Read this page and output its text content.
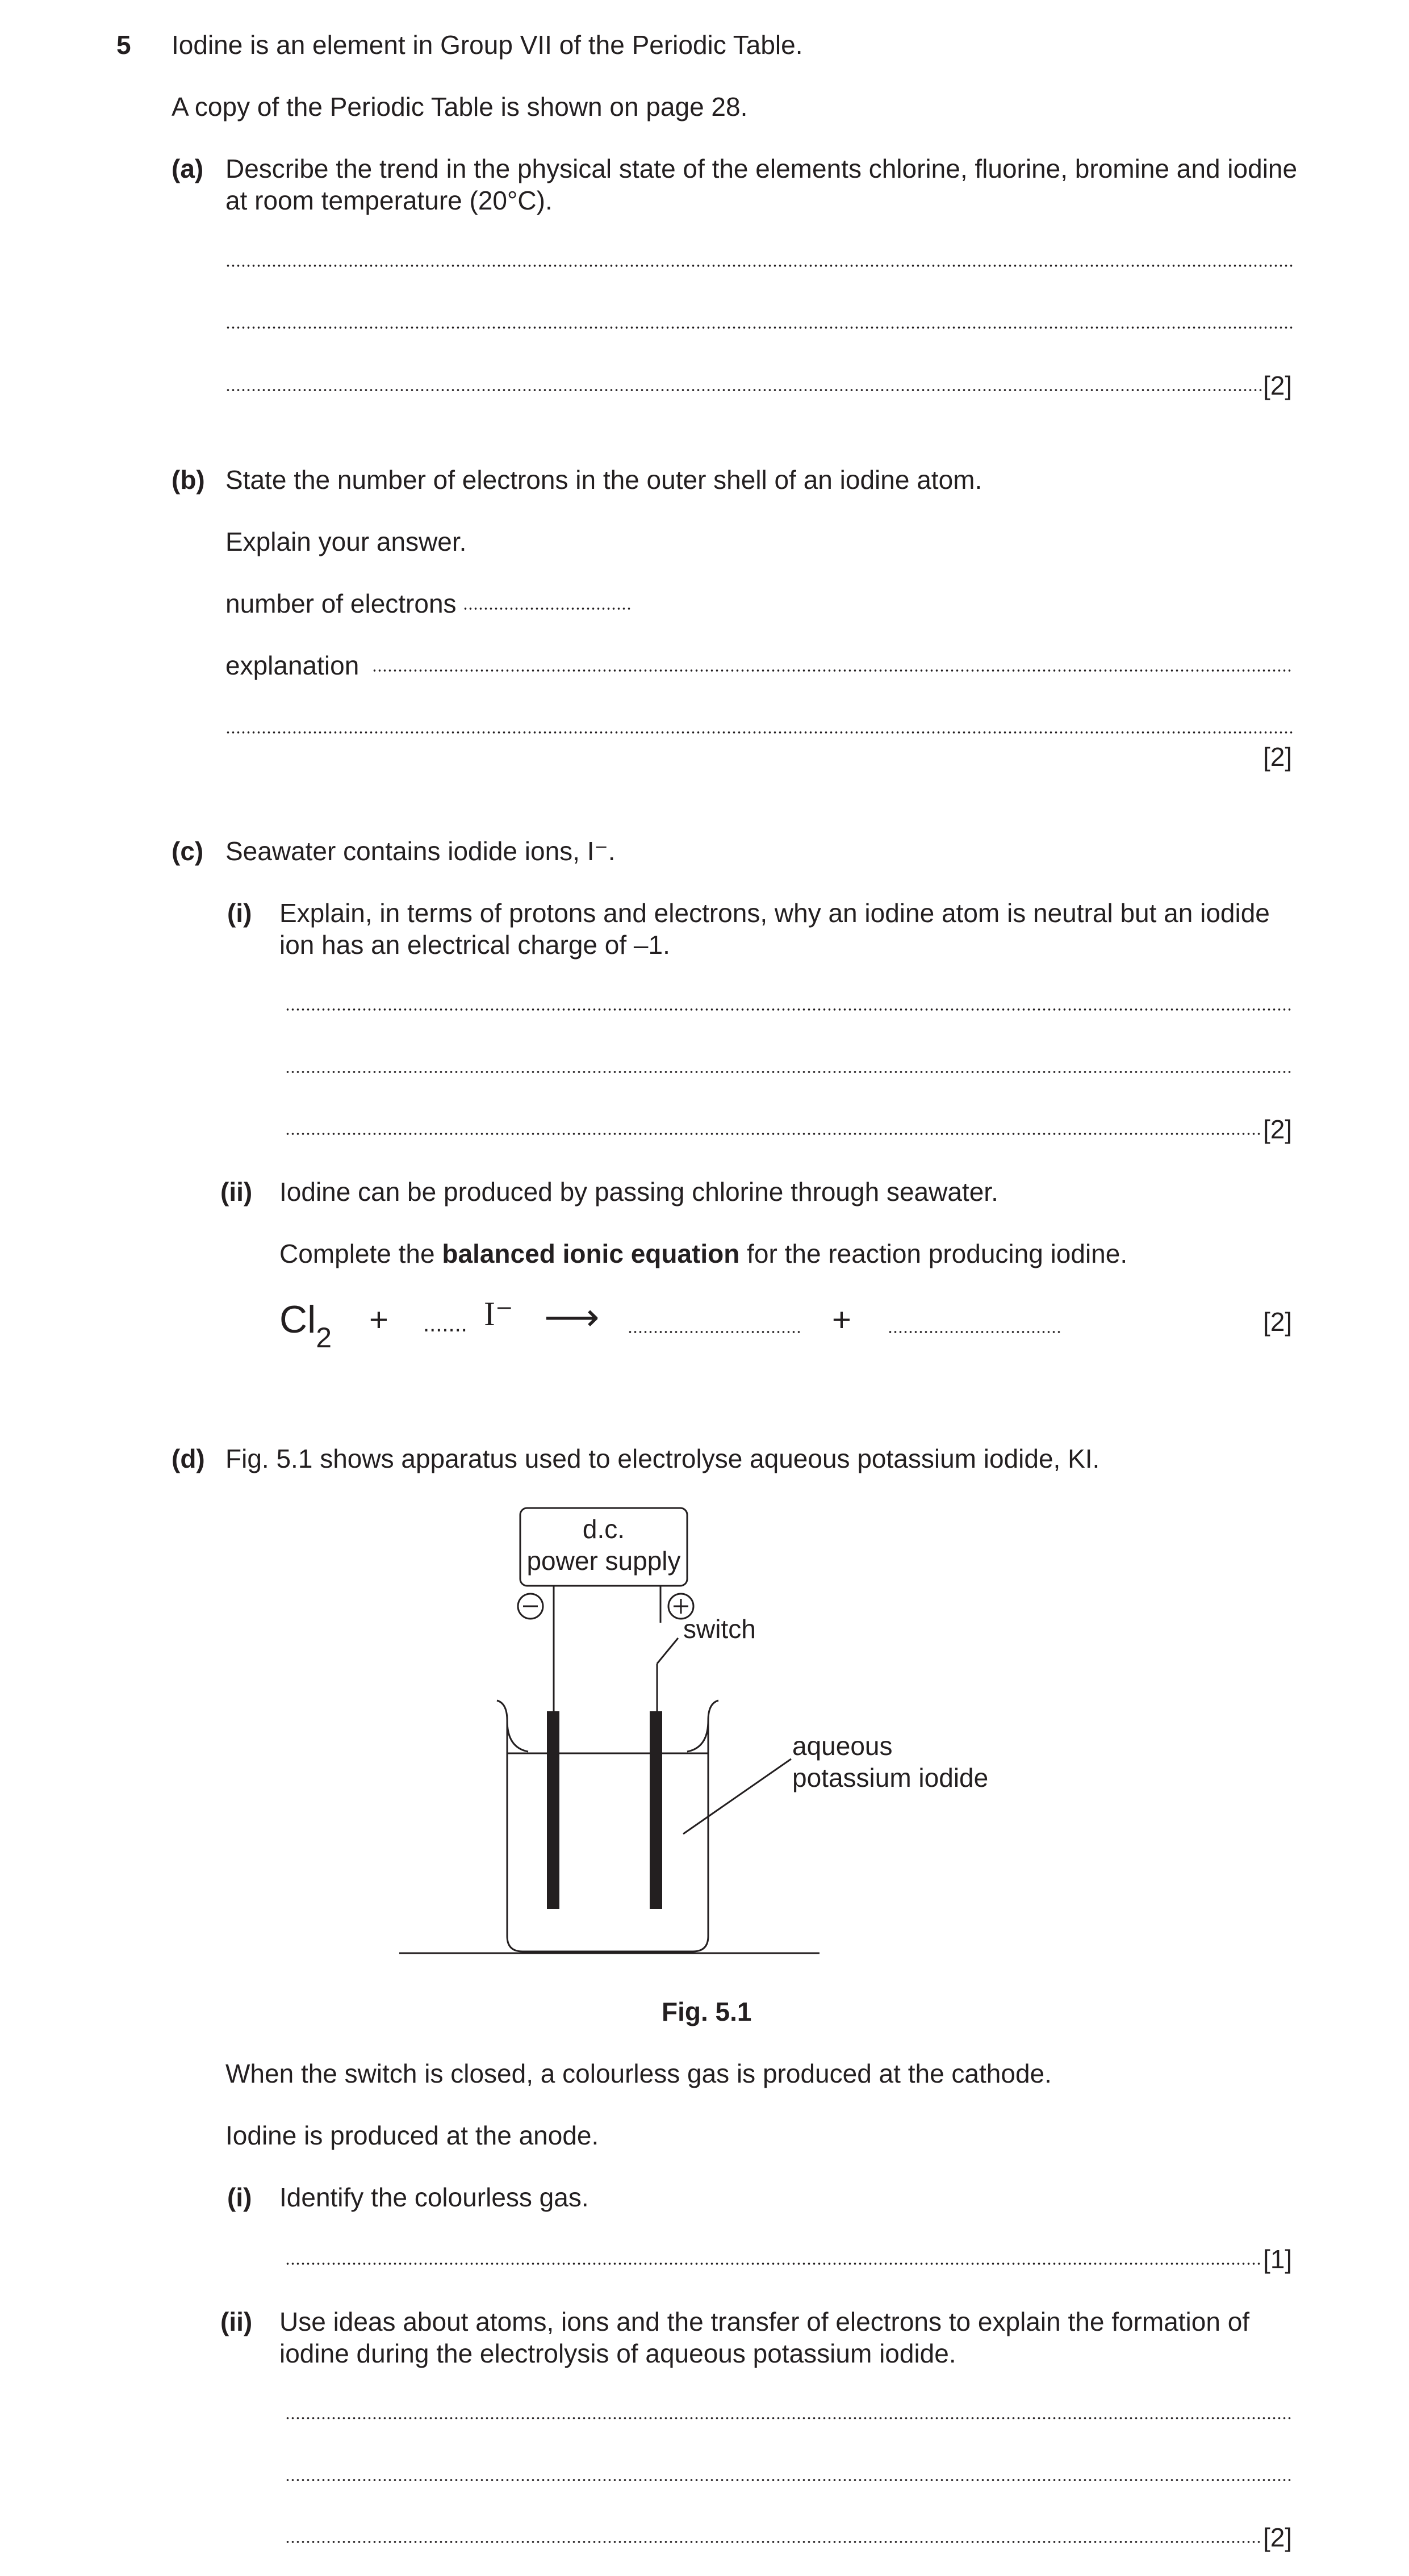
5 Iodine is an element in Group VII of the Periodic Table.
A copy of the Periodic Table is shown on page 28.
(a) Describe the trend in the physical state of the elements chlorine, fluorine, bromine and iodine
at room temperature (20°C).
[2]
(b) State the number of electrons in the outer shell of an iodine atom.
Explain your answer.
number of electrons
explanation
[2]
(c) Seawater contains iodide ions, I⁻.
(i) Explain, in terms of protons and electrons, why an iodine atom is neutral but an iodide
ion has an electrical charge of –1.
[2]
(ii) Iodine can be produced by passing chlorine through seawater.
Complete the balanced ionic equation for the reaction producing iodine.
$Cl_2$ + ....... I⁻ ⟶	+	[2]
(d) Fig. 5.1 shows apparatus used to electrolyse aqueous potassium iodide, KI.
d.c.
power supply
switch
aqueous
potassium iodide
Fig. 5.1
When the switch is closed, a colourless gas is produced at the cathode.
Iodine is produced at the anode.
(i) Identify the colourless gas.
[1]
(ii) Use ideas about atoms, ions and the transfer of electrons to explain the formation of
iodine during the electrolysis of aqueous potassium iodide.
[2]
